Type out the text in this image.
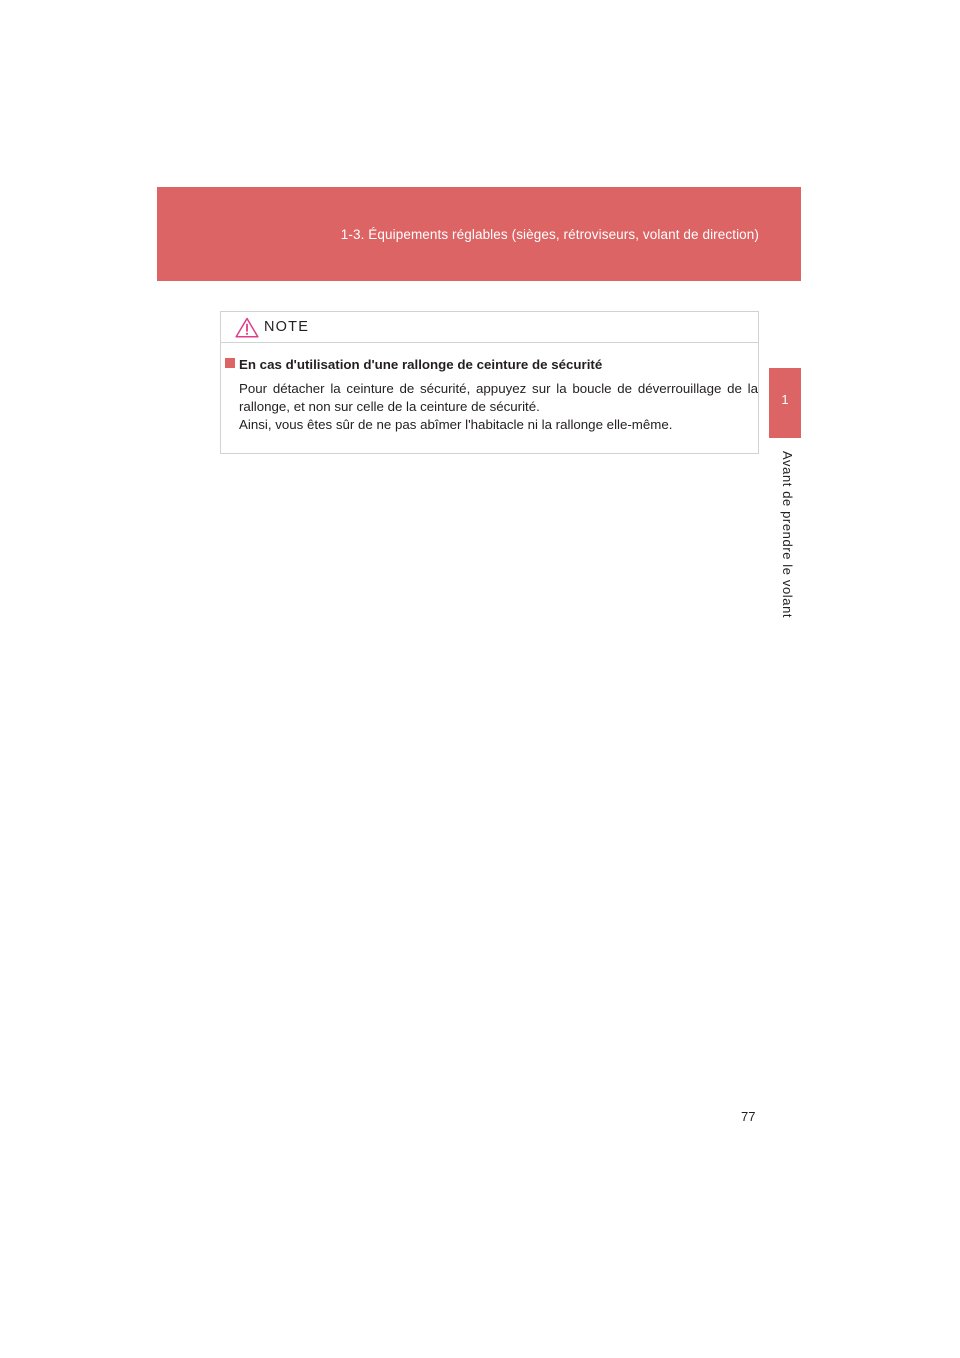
1-3. Équipements réglables (sièges, rétroviseurs, volant de direction)
1
Avant de prendre le volant
NOTE
En cas d'utilisation d'une rallonge de ceinture de sécurité

Pour détacher la ceinture de sécurité, appuyez sur la boucle de déverrouillage de la rallonge, et non sur celle de la ceinture de sécurité.

Ainsi, vous êtes sûr de ne pas abîmer l'habitacle ni la rallonge elle-même.

77
